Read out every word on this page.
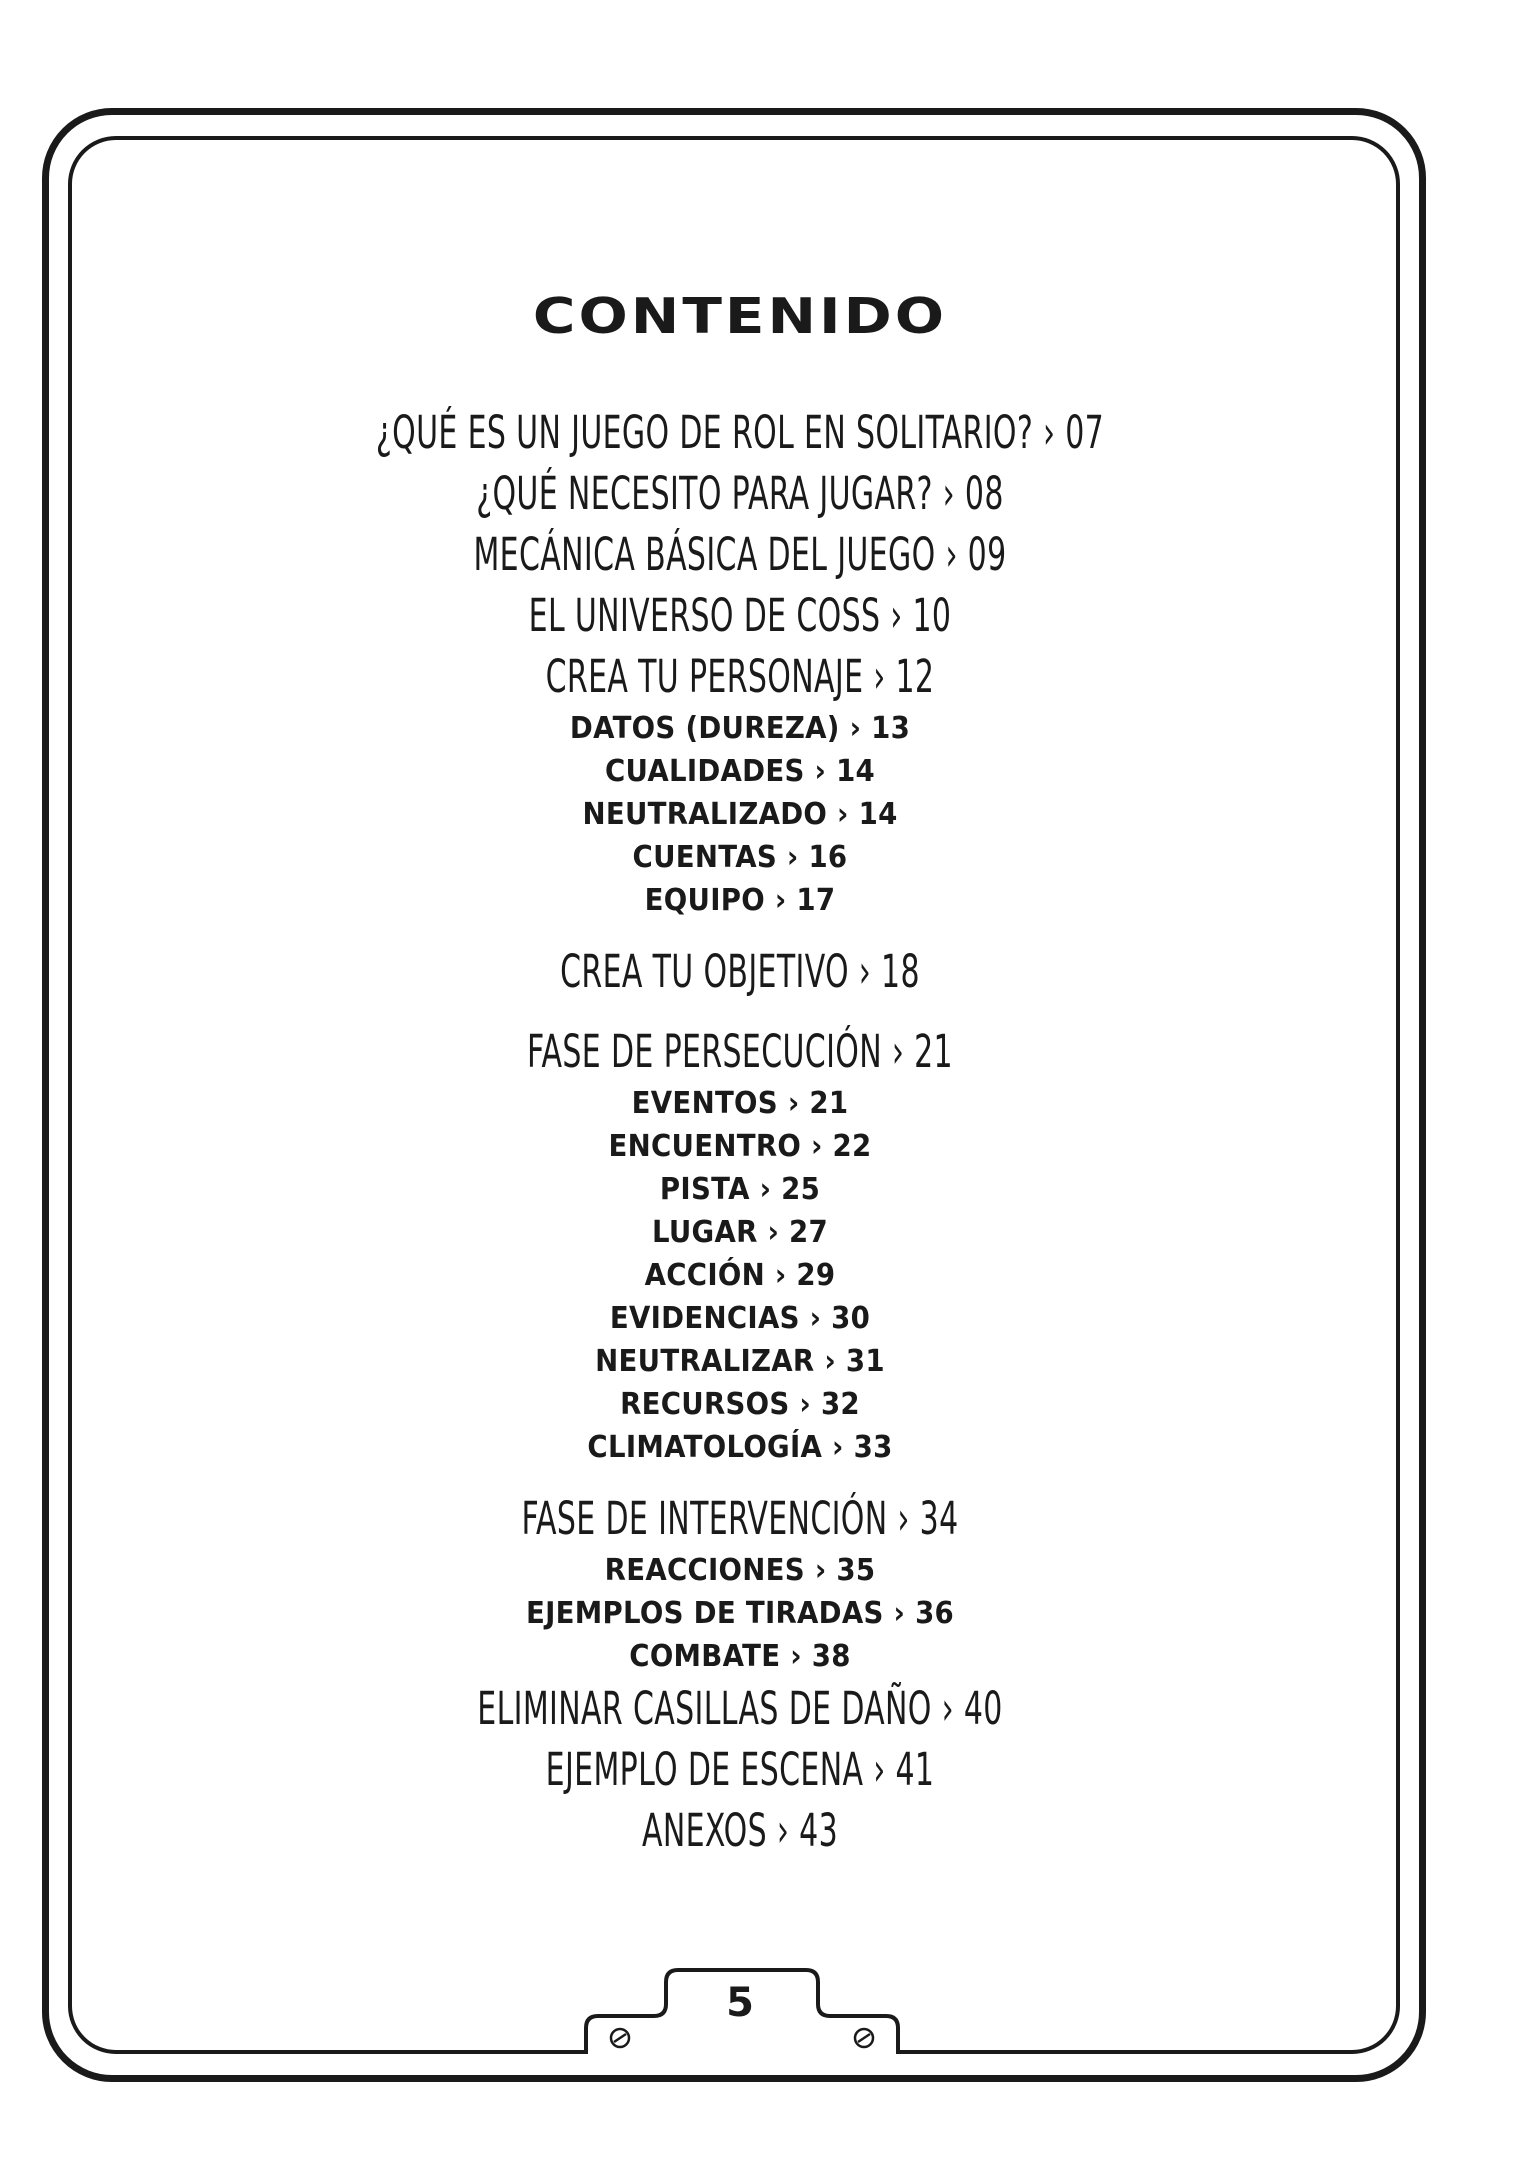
CONTENIDO
¿QUÉ ES UN JUEGO DE ROL EN SOLITARIO? › 07
¿QUÉ NECESITO PARA JUGAR? › 08
MECÁNICA BÁSICA DEL JUEGO › 09
EL UNIVERSO DE COSS › 10
CREA TU PERSONAJE › 12
DATOS (DUREZA) › 13
CUALIDADES › 14
NEUTRALIZADO › 14
CUENTAS › 16
EQUIPO › 17
CREA TU OBJETIVO › 18
FASE DE PERSECUCIÓN › 21
EVENTOS › 21
ENCUENTRO › 22
PISTA › 25
LUGAR › 27
ACCIÓN › 29
EVIDENCIAS › 30
NEUTRALIZAR › 31
RECURSOS › 32
CLIMATOLOGÍA › 33
FASE DE INTERVENCIÓN › 34
REACCIONES › 35
EJEMPLOS DE TIRADAS › 36
COMBATE › 38
ELIMINAR CASILLAS DE DAÑO › 40
EJEMPLO DE ESCENA › 41
ANEXOS › 43
5
